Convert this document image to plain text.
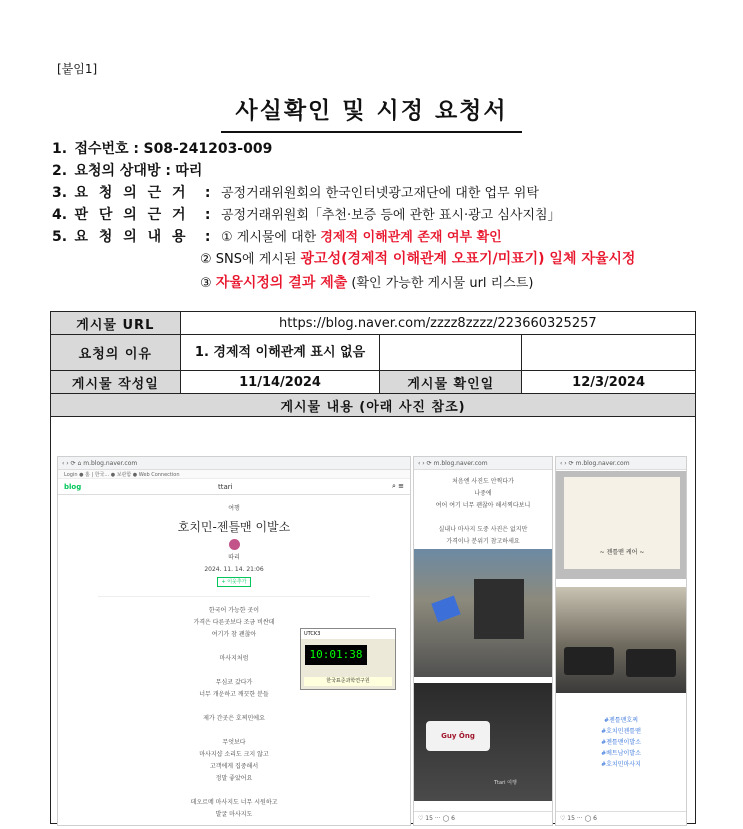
[붙임1]
사실확인 및 시정 요청서
1. 접수번호 : S08-241203-009
2. 요청의 상대방 : 따리
3. 요 청 의 근 거 : 공정거래위원회의 한국인터넷광고재단에 대한 업무 위탁
4. 판 단 의 근 거 : 공정거래위원회「추천·보증 등에 관한 표시·광고 심사지침」
5. 요 청 의 내 용 : ① 게시물에 대한 경제적 이해관계 존재 여부 확인
② SNS에 게시된 광고성(경제적 이해관계 오표기/미표기) 일체 자율시정
③ 자율시정의 결과 제출 (확인 가능한 게시물 url 리스트)
게시물 URL	https://blog.naver.com/zzzz8zzzz/223660325257		
요청의 이유	1. 경제적 이해관계 표시 없음		
게시물 작성일	11/14/2024	게시물 확인일	12/3/2024
게시물 내용 (아래 사진 참조)			

‹ › ⟳ ⌂ m.blog.naver.com
Login ● 홈 | 한국... ● 보관함 ● Web Connection
blog	ttari	⌕ ≡
여행
호치민-젠틀맨 이발소
따리
2024. 11. 14. 21:06
+ 이웃추가
한국어 가능한 곳이
가격은 다른곳보다 조금 비싼데
여기가 참 괜찮아

마사지처럼

무심코 갔다가
너무 개운하고 깨끗한 분들

제가 간곳은 호찌민에요

무엇보다
마사지샵 소리도 크지 않고
고객에게 집중해서
정말 좋았어요

데오르메 마사지도 너무 시원하고
발굴 마사지도
UTCK3
10:01:38
한국표준과학연구원
‹ › ⟳ m.blog.naver.com
처음엔 사진도 안찍다가
나중에
여어 여기 너무 괜찮아 해서찍다보니

실내나 마사지 도중 사진은 없지만
가격이나 분위기 참고하세요
Guy Ông
Ttari 여행
♡ 15 ··· ◯ 6
‹ › ⟳ m.blog.naver.com
~ 젠틀맨 케어 ~
#젠틀맨호찌
#호치민젠틀맨
#젠틀맨이발소
#베트남이발소
#호치민마사지
♡ 15 ··· ◯ 6
